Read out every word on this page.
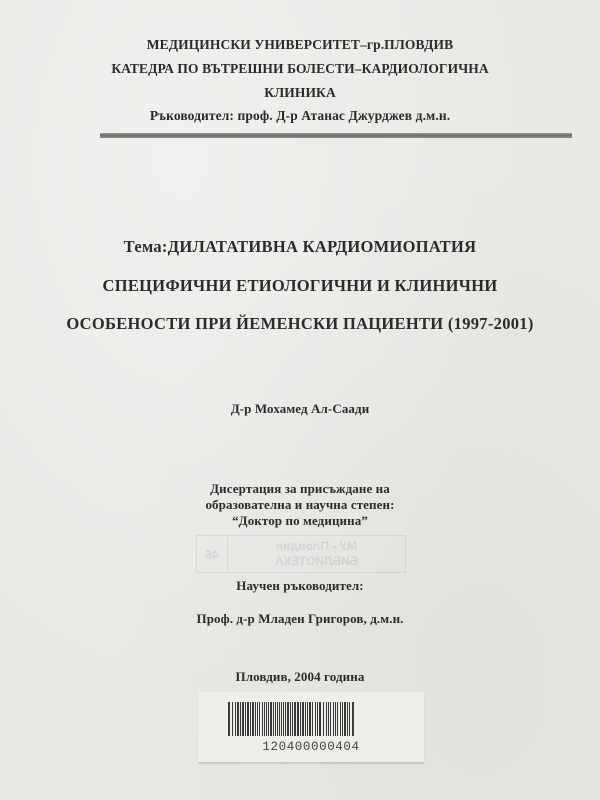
МЕДИЦИНСКИ УНИВЕРСИТЕТ–гр.ПЛОВДИВ
КАТЕДРА ПО ВЪТРЕШНИ БОЛЕСТИ–КАРДИОЛОГИЧНА
КЛИНИКА
Ръководител: проф. Д-р Атанас Джурджев д.м.н.
Тема:ДИЛАТАТИВНА КАРДИОМИОПАТИЯ
СПЕЦИФИЧНИ ЕТИОЛОГИЧНИ И КЛИНИЧНИ
ОСОБЕНОСТИ ПРИ ЙЕМЕНСКИ ПАЦИЕНТИ (1997-2001)
Д-р Мохамед Ал-Саади
Дисертация за присъждане на
образователна и научна степен:
“Доктор по медицина”
МУ - Пловдив
БИБЛИОТЕКА
46
Научен ръководител:
Проф. д-р Младен Григоров, д.м.н.
Пловдив, 2004 година
120400000404
